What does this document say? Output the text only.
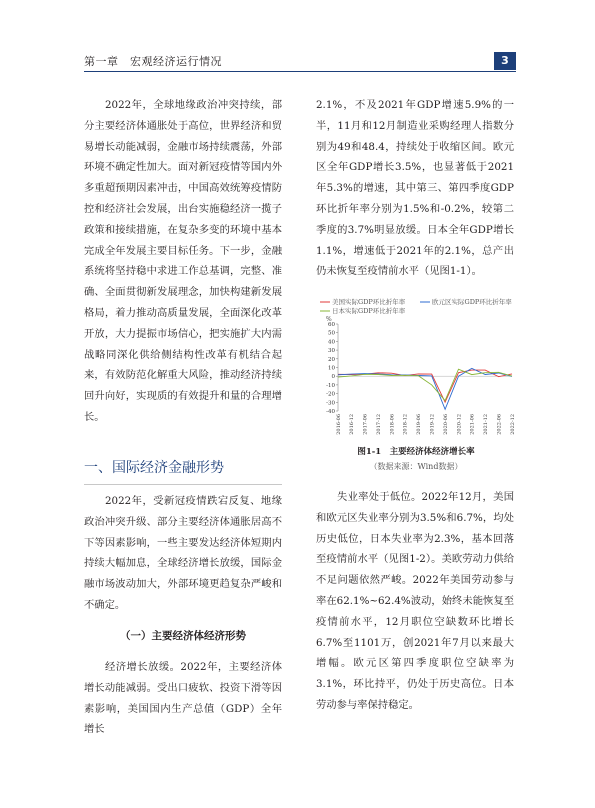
第一章　宏观经济运行情况	3

2022年，全球地缘政治冲突持续，部分主要经济体通胀处于高位，世界经济和贸易增长动能减弱，金融市场持续震荡，外部环境不确定性加大。面对新冠疫情等国内外多重超预期因素冲击，中国高效统筹疫情防控和经济社会发展，出台实施稳经济一揽子政策和接续措施，在复杂多变的环境中基本完成全年发展主要目标任务。下一步，金融系统将坚持稳中求进工作总基调，完整、准确、全面贯彻新发展理念，加快构建新发展格局，着力推动高质量发展，全面深化改革开放，大力提振市场信心，把实施扩大内需战略同深化供给侧结构性改革有机结合起来，有效防范化解重大风险，推动经济持续回升向好，实现质的有效提升和量的合理增长。

一、国际经济金融形势

2022年，受新冠疫情跌宕反复、地缘政治冲突升级、部分主要经济体通胀居高不下等因素影响，一些主要发达经济体短期内持续大幅加息，全球经济增长放缓，国际金融市场波动加大，外部环境更趋复杂严峻和不确定。

（一）主要经济体经济形势

经济增长放缓。2022年，主要经济体增长动能减弱。受出口疲软、投资下滑等因素影响，美国国内生产总值（GDP）全年增长

2.1%，不及2021年GDP增速5.9%的一半，11月和12月制造业采购经理人指数分别为49和48.4，持续处于收缩区间。欧元区全年GDP增长3.5%，也显著低于2021年5.3%的增速，其中第三、第四季度GDP环比折年率分别为1.5%和-0.2%，较第二季度的3.7%明显放缓。日本全年GDP增长1.1%，增速低于2021年的2.1%，总产出仍未恢复至疫情前水平（见图1-1）。

美国实际GDP环比折年率	欧元区实际GDP环比折年率
日本实际GDP环比折年率
%
-40
-30
-20
-10
0
10
20
30
40
50
60
2016-06 2016-12 2017-06 2017-12 2018-06 2018-12 2019-06 2019-12 2020-06 2020-12 2021-06 2021-12 2022-06 2022-12
图1-1　主要经济体经济增长率
（数据来源：Wind数据）

失业率处于低位。2022年12月，美国和欧元区失业率分别为3.5%和6.7%，均处历史低位，日本失业率为2.3%，基本回落至疫情前水平（见图1-2）。美欧劳动力供给不足问题依然严峻。2022年美国劳动参与率在62.1%~62.4%波动，始终未能恢复至疫情前水平，12月职位空缺数环比增长6.7%至1101万，创2021年7月以来最大增幅。欧元区第四季度职位空缺率为3.1%，环比持平，仍处于历史高位。日本劳动参与率保持稳定。
